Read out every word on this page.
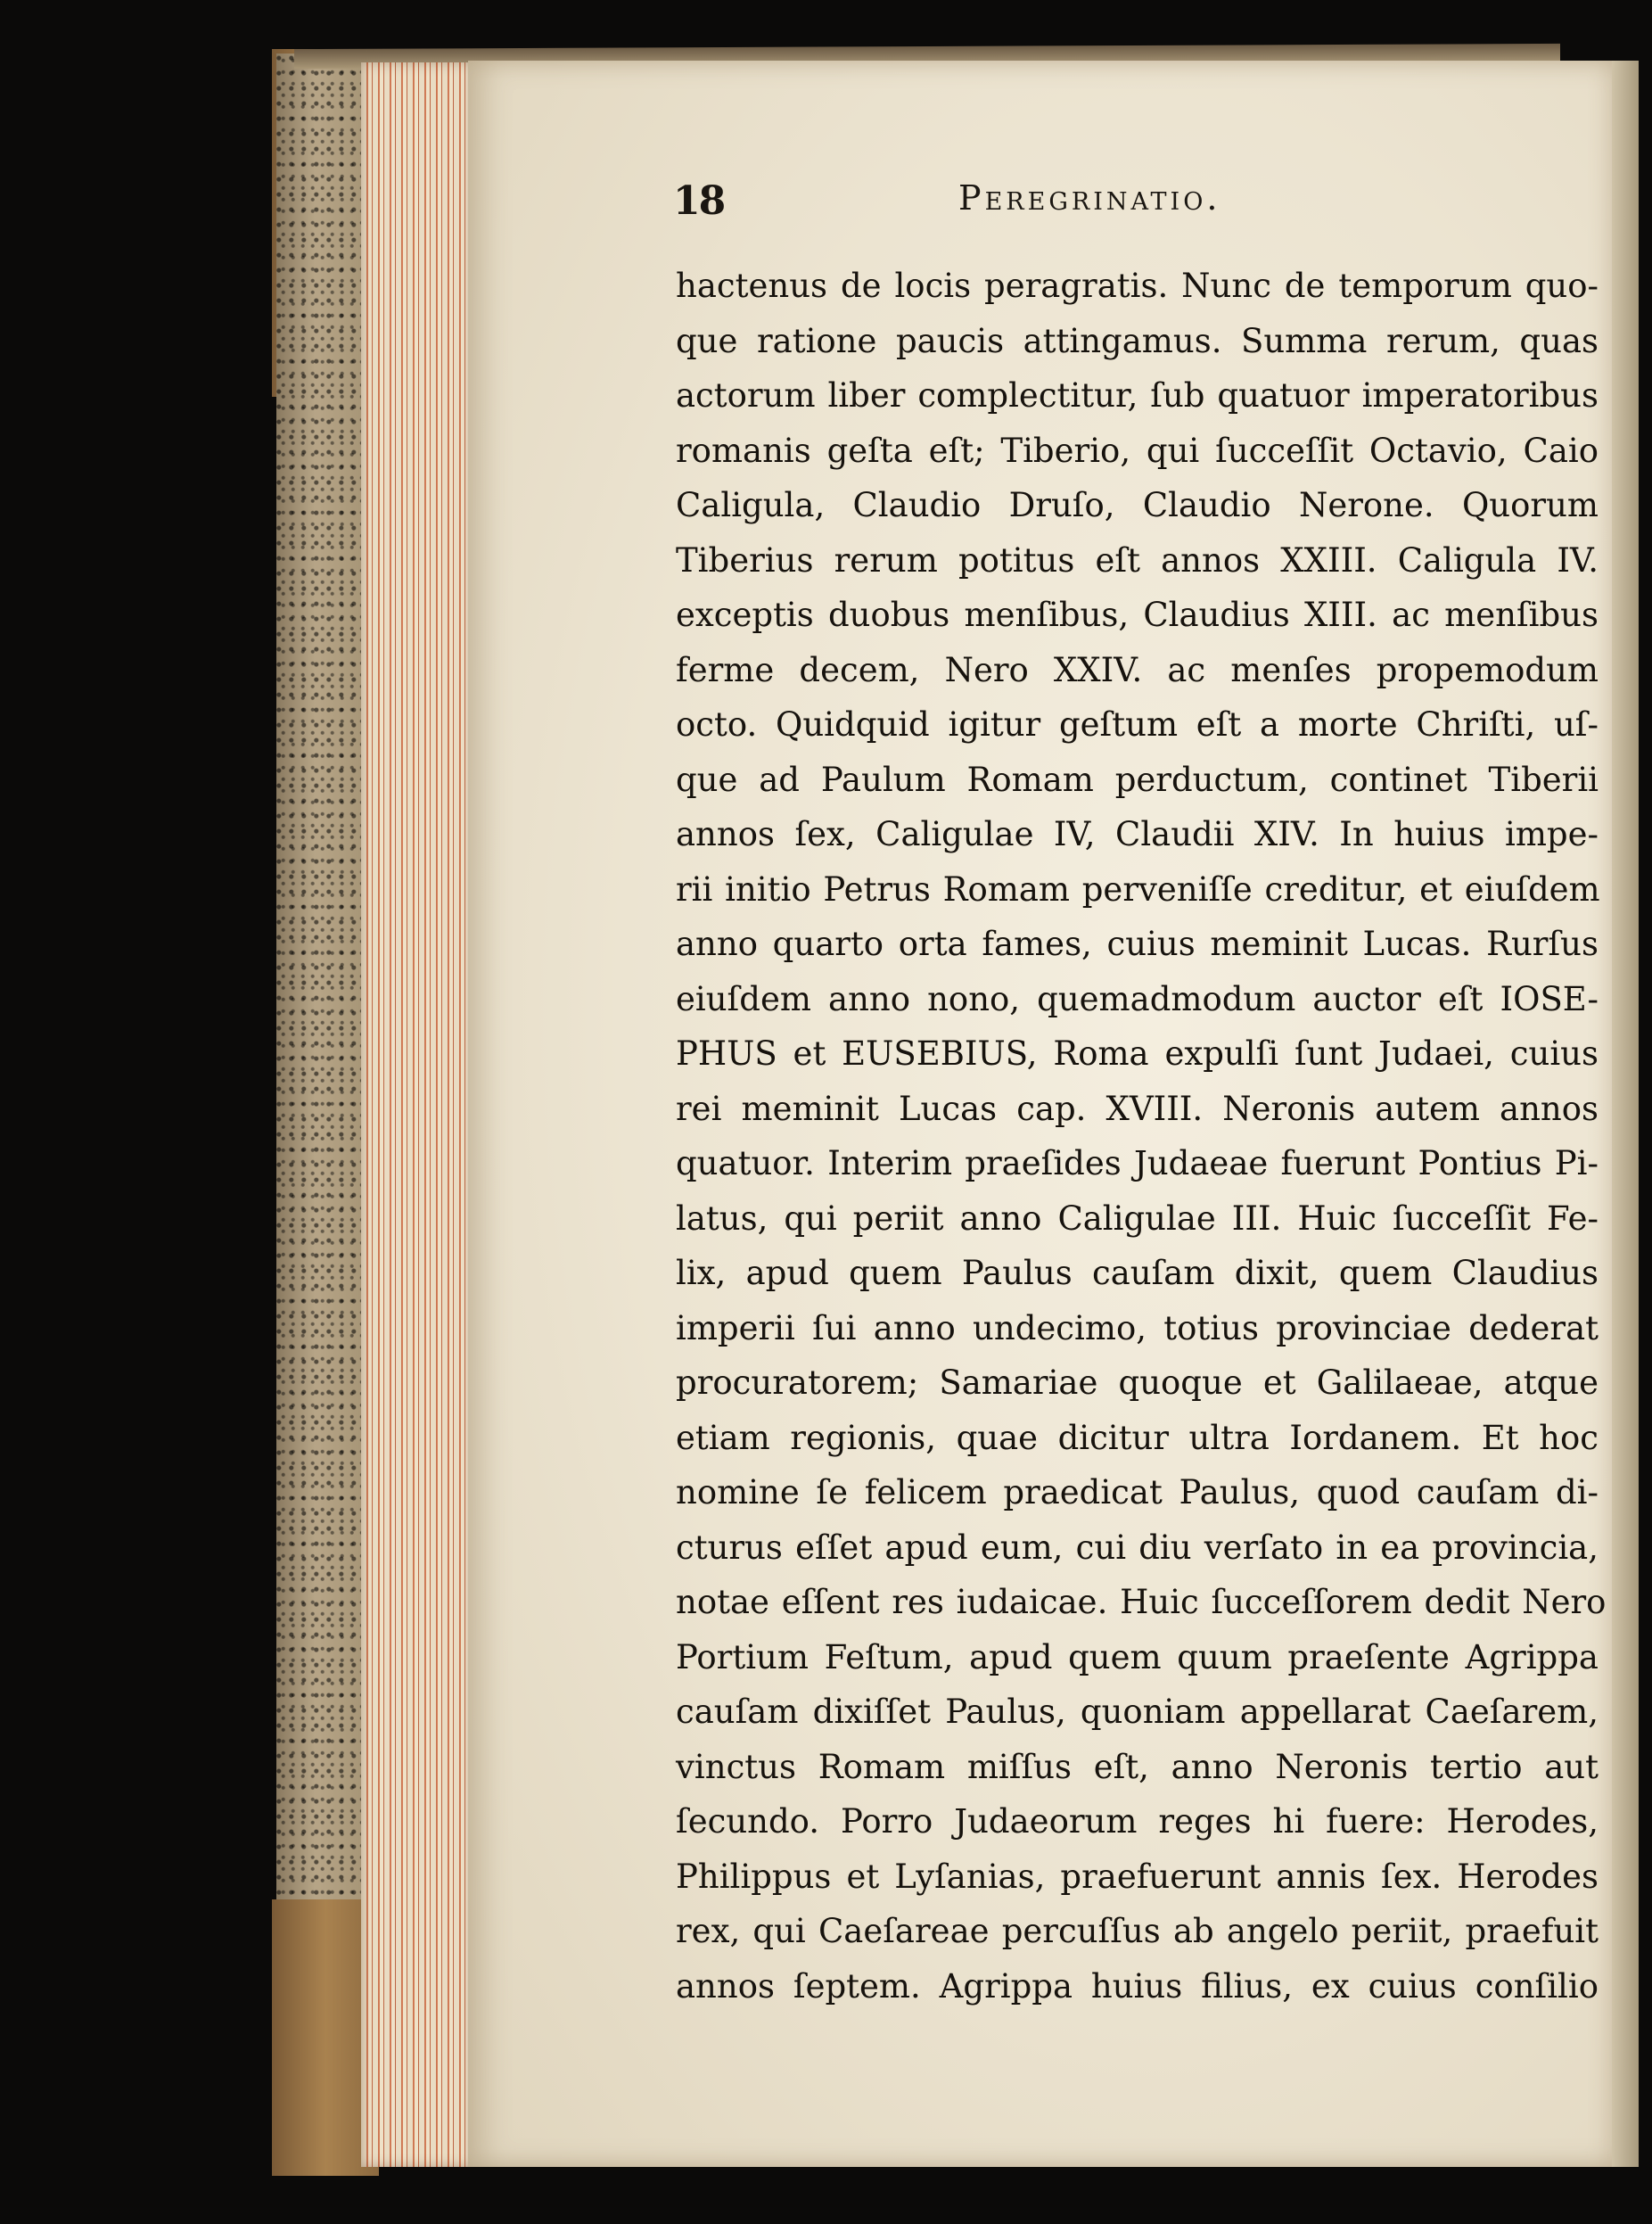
18	Peregrinatio.
hactenus de locis peragratis. Nunc de temporum quo-
que ratione paucis attingamus. Summa rerum, quas
actorum liber complectitur, ſub quatuor imperatoribus
romanis geſta eſt; Tiberio, qui ſucceſſit Octavio, Caio
Caligula, Claudio Druſo, Claudio Nerone. Quorum
Tiberius rerum potitus eſt annos XXIII. Caligula IV.
exceptis duobus menſibus, Claudius XIII. ac menſibus
ferme decem, Nero XXIV. ac menſes propemodum
octo. Quidquid igitur geſtum eſt a morte Chriſti, uſ-
que ad Paulum Romam perductum, continet Tiberii
annos ſex, Caligulae IV, Claudii XIV. In huius impe-
rii initio Petrus Romam perveniſſe creditur, et eiuſdem
anno quarto orta fames, cuius meminit Lucas. Rurſus
eiuſdem anno nono, quemadmodum auctor eſt IOSE-
PHUS et EUSEBIUS, Roma expulſi ſunt Judaei, cuius
rei meminit Lucas cap. XVIII. Neronis autem annos
quatuor. Interim praeſides Judaeae fuerunt Pontius Pi-
latus, qui periit anno Caligulae III. Huic ſucceſſit Fe-
lix, apud quem Paulus cauſam dixit, quem Claudius
imperii ſui anno undecimo, totius provinciae dederat
procuratorem; Samariae quoque et Galilaeae, atque
etiam regionis, quae dicitur ultra Iordanem. Et hoc
nomine ſe felicem praedicat Paulus, quod cauſam di-
cturus eſſet apud eum, cui diu verſato in ea provincia,
notae eſſent res iudaicae. Huic ſucceſſorem dedit Nero
Portium Feſtum, apud quem quum praeſente Agrippa
cauſam dixiſſet Paulus, quoniam appellarat Caeſarem,
vinctus Romam miſſus eſt, anno Neronis tertio aut
ſecundo. Porro Judaeorum reges hi fuere: Herodes,
Philippus et Lyſanias, praefuerunt annis ſex. Herodes
rex, qui Caeſareae percuſſus ab angelo periit, praefuit
annos ſeptem. Agrippa huius filius, ex cuius conſilio
